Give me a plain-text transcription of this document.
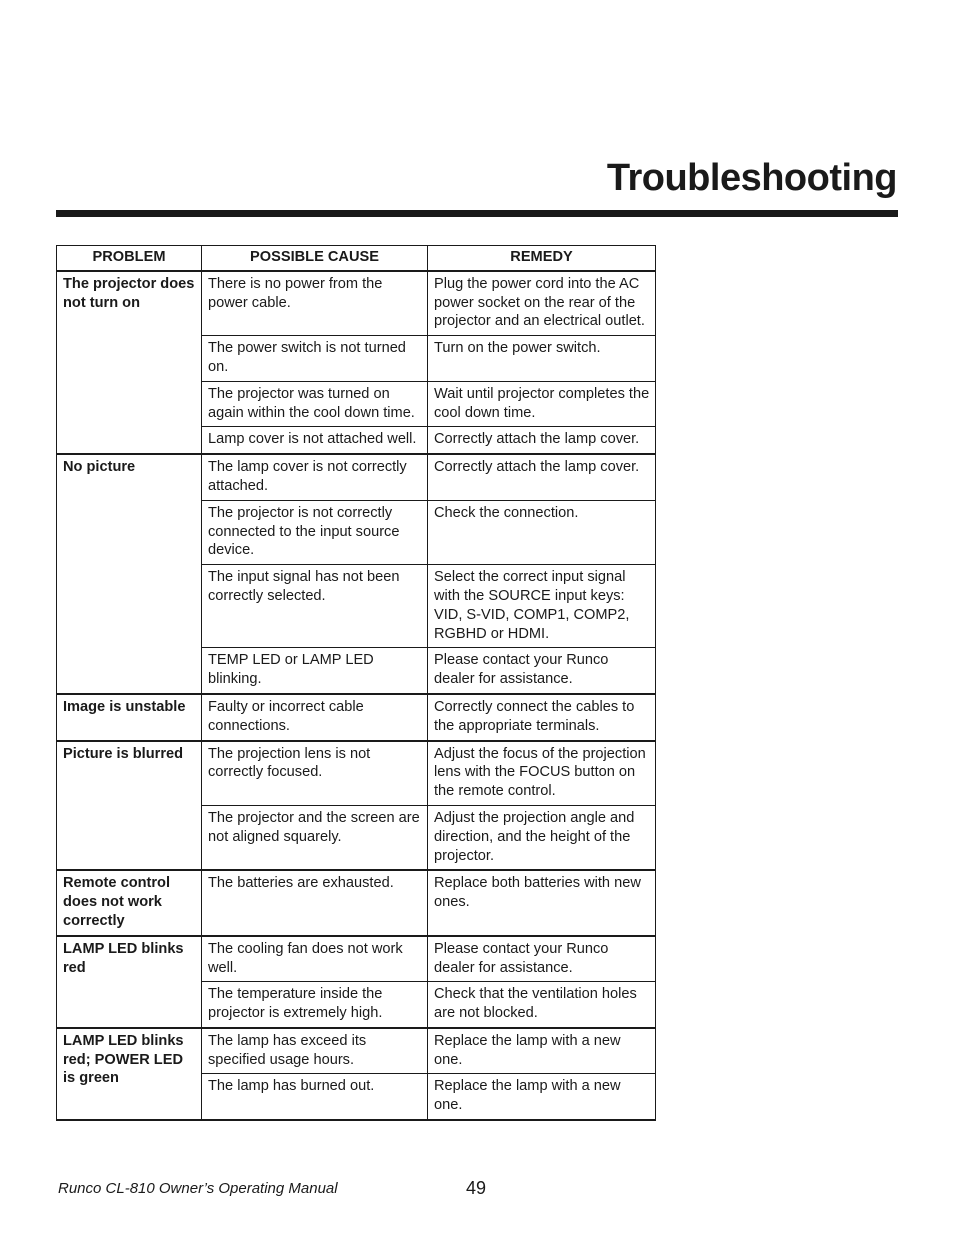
Troubleshooting
PROBLEM	POSSIBLE CAUSE	REMEDY
The projector does not turn on	There is no power from the power cable.	Plug the power cord into the AC power socket on the rear of the projector and an electrical outlet.
	The power switch is not turned on.	Turn on the power switch.
	The projector was turned on again within the cool down time.	Wait until projector completes the cool down time.
	Lamp cover is not attached well.	Correctly attach the lamp cover.
No picture	The lamp cover is not correctly attached.	Correctly attach the lamp cover.
	The projector is not correctly connected to the input source device.	Check the connection.
	The input signal has not been correctly selected.	Select the correct input signal with the SOURCE input keys: VID, S-VID, COMP1, COMP2, RGBHD or HDMI.
	TEMP LED or LAMP LED blinking.	Please contact your Runco dealer for assistance.
Image is unstable	Faulty or incorrect cable connections.	Correctly connect the cables to the appropriate terminals.
Picture is blurred	The projection lens is not correctly focused.	Adjust the focus of the projection lens with the FOCUS button on the remote control.
	The projector and the screen are not aligned squarely.	Adjust the projection angle and direction, and the height of the projector.
Remote control does not work correctly	The batteries are exhausted.	Replace both batteries with new ones.
LAMP LED blinks red	The cooling fan does not work well.	Please contact your Runco dealer for assistance.
	The temperature inside the projector is extremely high.	Check that the ventilation holes are not blocked.
LAMP LED blinks red; POWER LED is green	The lamp has exceed its specified usage hours.	Replace the lamp with a new one.
	The lamp has burned out.	Replace the lamp with a new one.
Runco CL-810 Owner’s Operating Manual	49
